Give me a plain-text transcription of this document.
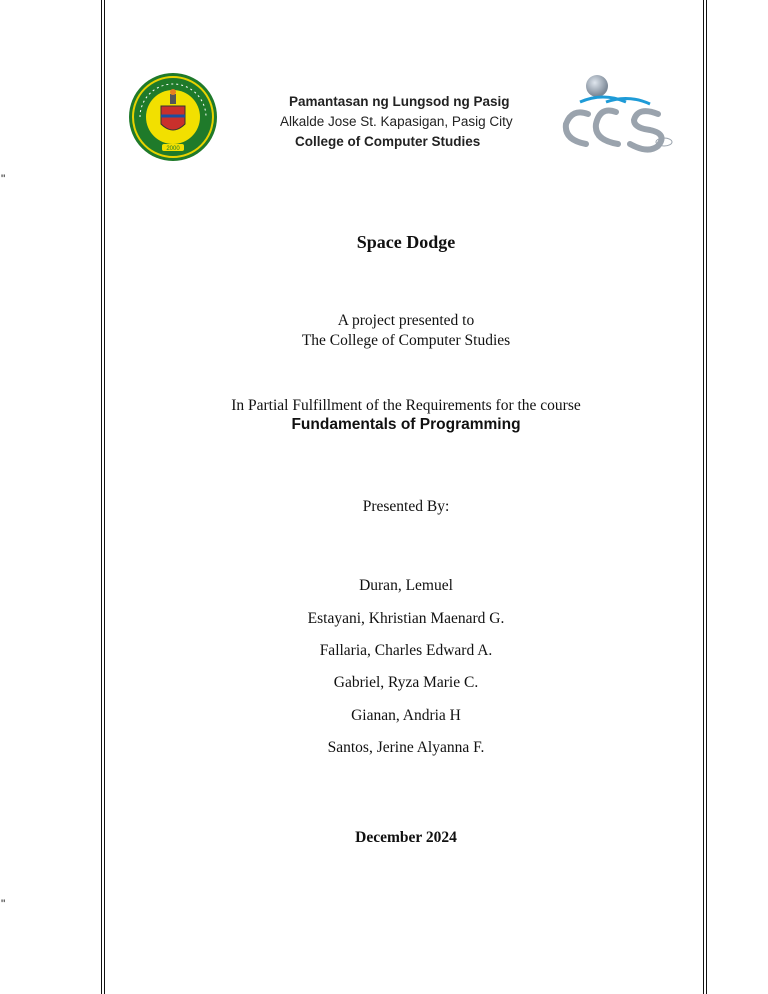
"
"
2000
Pamantasan ng Lungsod ng Pasig
Alkalde Jose St. Kapasigan, Pasig City
College of Computer Studies
Space Dodge
A project presented to
The College of Computer Studies
In Partial Fulfillment of the Requirements for the course
Fundamentals of Programming
Presented By:
Duran, Lemuel
Estayani, Khristian Maenard G.
Fallaria, Charles Edward A.
Gabriel, Ryza Marie C.
Gianan, Andria H
Santos, Jerine Alyanna F.
December 2024
